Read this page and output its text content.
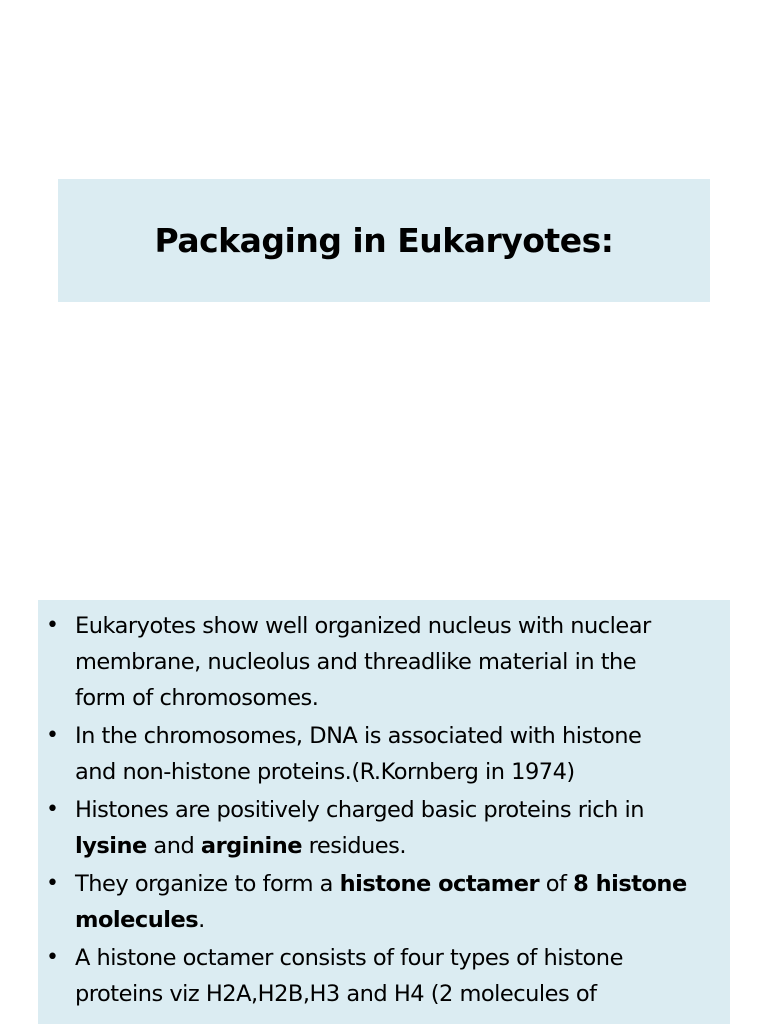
Packaging in Eukaryotes:
• Eukaryotes show well organized nucleus with nuclear
membrane, nucleolus and threadlike material in the
form of chromosomes.
• In the chromosomes, DNA is associated with histone
and non-histone proteins.(R.Kornberg in 1974)
• Histones are positively charged basic proteins rich in
lysine and arginine residues.
• They organize to form a histone octamer of 8 histone
molecules.
• A histone octamer consists of four types of histone
proteins viz H2A,H2B,H3 and H4 (2 molecules of
